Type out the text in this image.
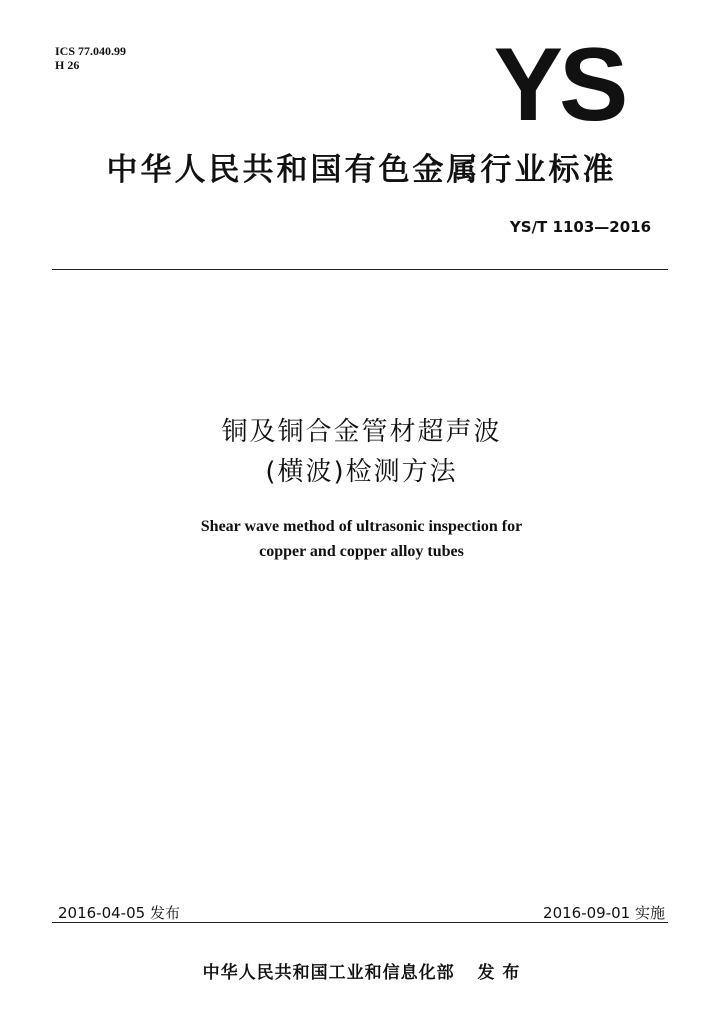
ICS 77.040.99
H 26	YS
中华人民共和国有色金属行业标准
YS/T 1103—2016
铜及铜合金管材超声波
(横波)检测方法
Shear wave method of ultrasonic inspection for
copper and copper alloy tubes
2016-04-05 发布	2016-09-01 实施
中华人民共和国工业和信息化部 发 布
